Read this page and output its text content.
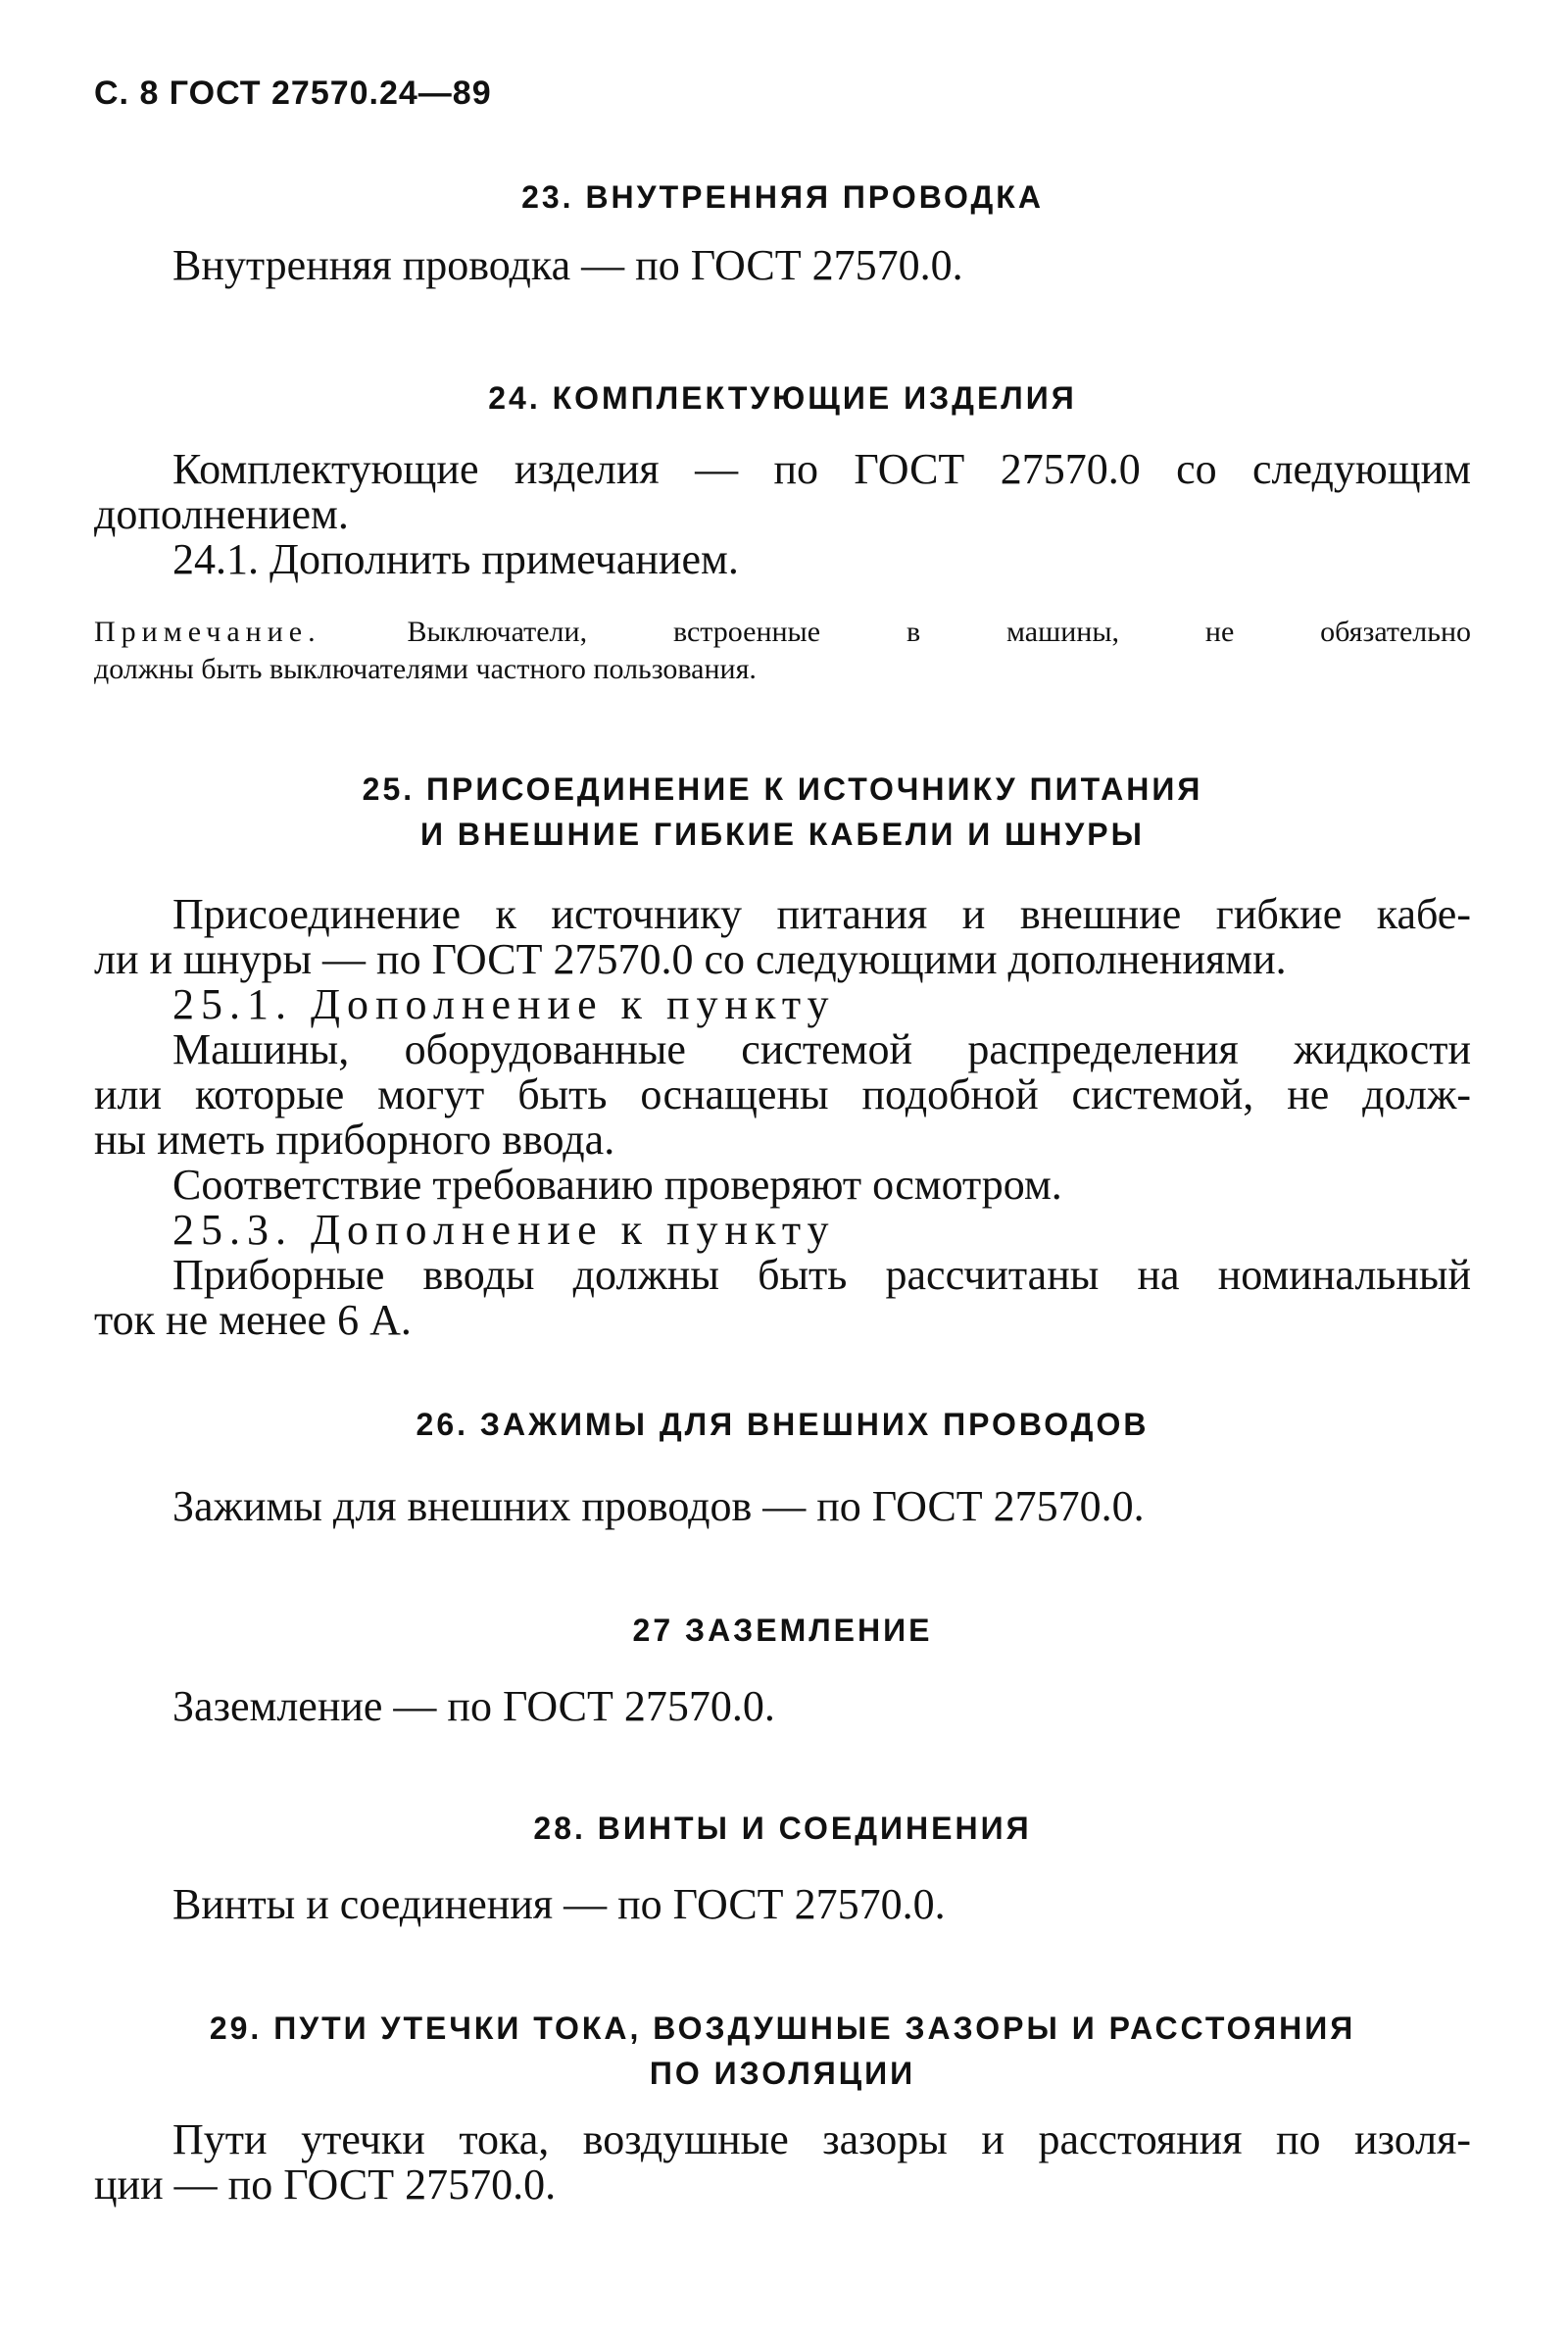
С. 8 ГОСТ 27570.24—89
23. ВНУТРЕННЯЯ ПРОВОДКА

Внутренняя проводка — по ГОСТ 27570.0.

24. КОМПЛЕКТУЮЩИЕ ИЗДЕЛИЯ

Комплектующие изделия — по ГОСТ 27570.0 со следующим
дополнением.
24.1. Дополнить примечанием.

Примечание. Выключатели, встроенные в машины, не обязательно
должны быть выключателями частного пользования.

25. ПРИСОЕДИНЕНИЕ К ИСТОЧНИКУ ПИТАНИЯ
И ВНЕШНИЕ ГИБКИЕ КАБЕЛИ И ШНУРЫ

Присоединение к источнику питания и внешние гибкие кабе-
ли и шнуры — по ГОСТ 27570.0 со следующими дополнениями.
25.1. Дополнение к пункту
Машины, оборудованные системой распределения жидкости
или которые могут быть оснащены подобной системой, не долж-
ны иметь приборного ввода.
Соответствие требованию проверяют осмотром.
25.3. Дополнение к пункту
Приборные вводы должны быть рассчитаны на номинальный
ток не менее 6 А.

26. ЗАЖИМЫ ДЛЯ ВНЕШНИХ ПРОВОДОВ

Зажимы для внешних проводов — по ГОСТ 27570.0.

27 ЗАЗЕМЛЕНИЕ

Заземление — по ГОСТ 27570.0.

28. ВИНТЫ И СОЕДИНЕНИЯ

Винты и соединения — по ГОСТ 27570.0.

29. ПУТИ УТЕЧКИ ТОКА, ВОЗДУШНЫЕ ЗАЗОРЫ И РАССТОЯНИЯ
ПО ИЗОЛЯЦИИ

Пути утечки тока, воздушные зазоры и расстояния по изоля-
ции — по ГОСТ 27570.0.
